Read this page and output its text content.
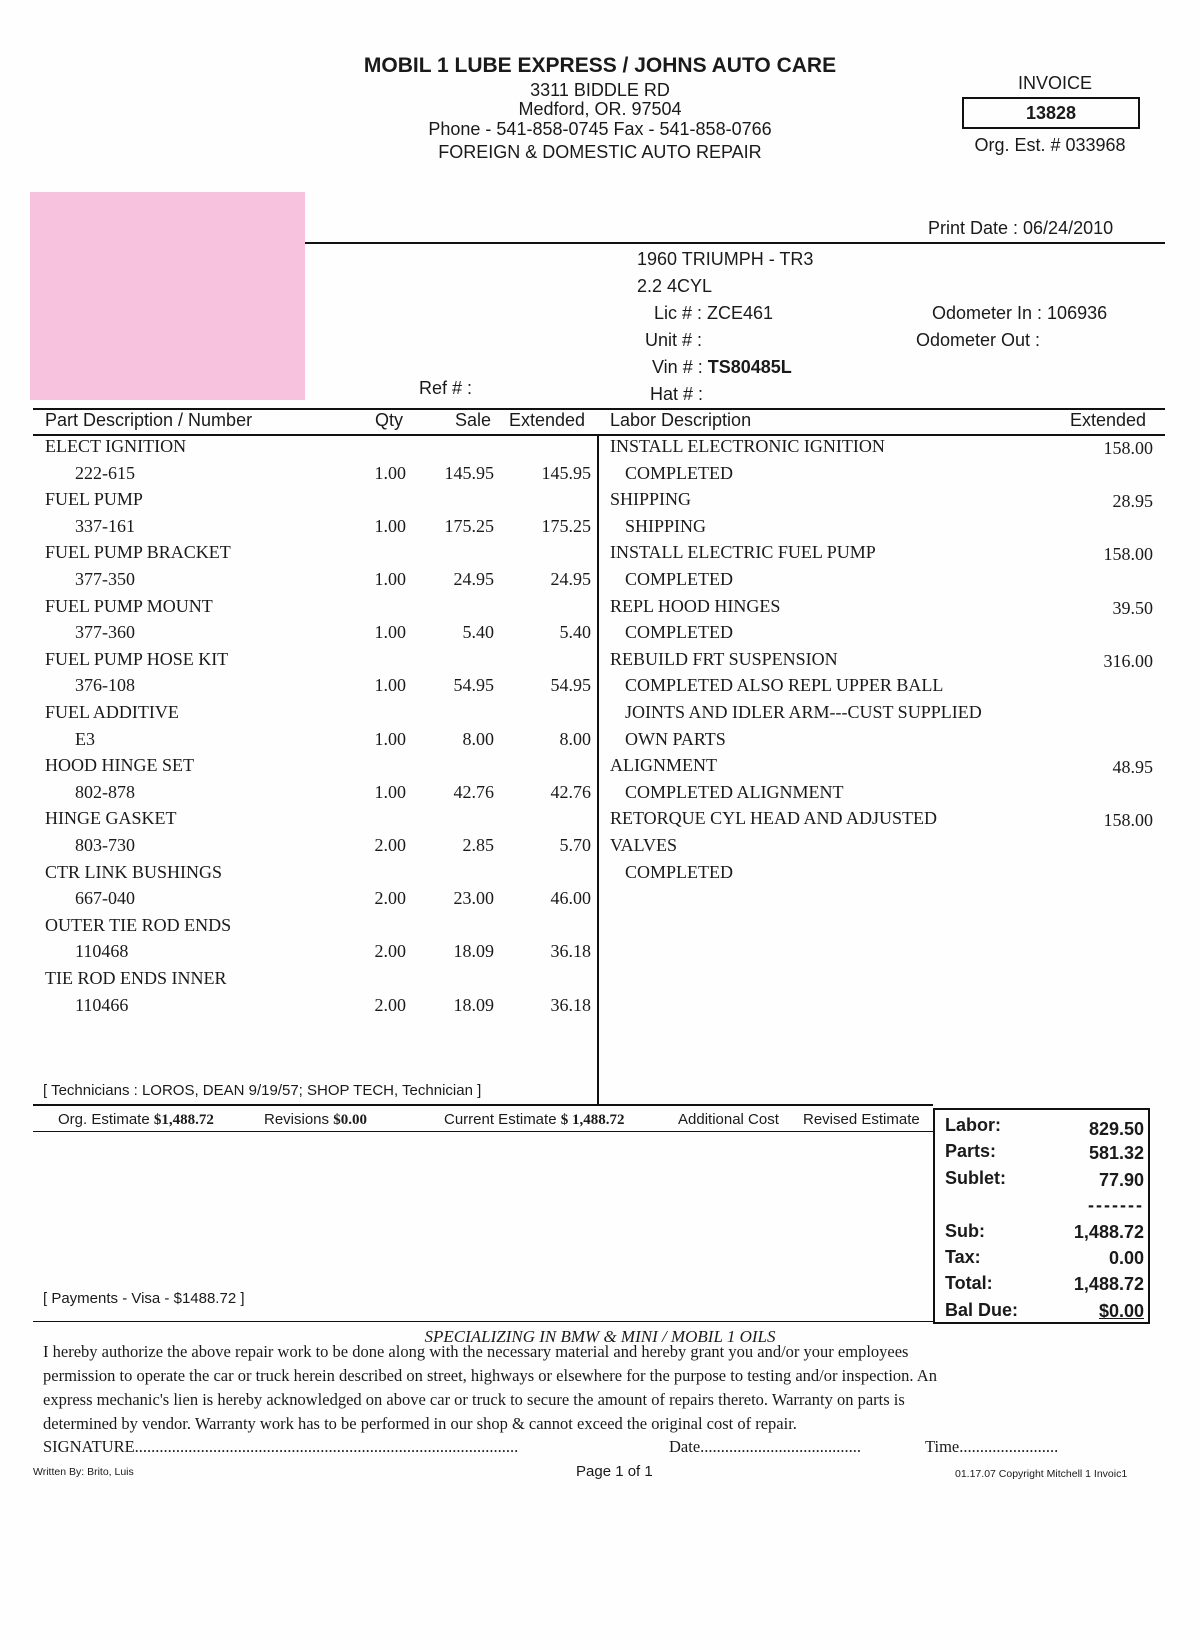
MOBIL 1 LUBE EXPRESS / JOHNS AUTO CARE
3311 BIDDLE RD
Medford, OR. 97504
Phone - 541-858-0745 Fax - 541-858-0766
FOREIGN & DOMESTIC AUTO REPAIR
INVOICE
13828
Org. Est. # 033968
Print Date : 06/24/2010
1960 TRIUMPH - TR3
2.2 4CYL
Lic # : ZCE461
Unit # :
Vin # : TS80485L
Hat # :
Ref # :
Odometer In : 106936
Odometer Out :
Part Description / Number	Qty	Sale Extended Labor Description	Extended
ELECT IGNITION
222-615	1.00	145.95	145.95
FUEL PUMP
337-161	1.00	175.25	175.25
FUEL PUMP BRACKET
377-350	1.00	24.95	24.95
FUEL PUMP MOUNT
377-360	1.00	5.40	5.40
FUEL PUMP HOSE KIT
376-108	1.00	54.95	54.95
FUEL ADDITIVE
E3	1.00	8.00	8.00
HOOD HINGE SET
802-878	1.00	42.76	42.76
HINGE GASKET
803-730	2.00	2.85	5.70
CTR LINK BUSHINGS
667-040	2.00	23.00	46.00
OUTER TIE ROD ENDS
110468	2.00	18.09	36.18
TIE ROD ENDS INNER
110466	2.00	18.09	36.18
INSTALL ELECTRONIC IGNITION	158.00
COMPLETED
SHIPPING	28.95
SHIPPING
INSTALL ELECTRIC FUEL PUMP	158.00
COMPLETED
REPL HOOD HINGES	39.50
COMPLETED
REBUILD FRT SUSPENSION	316.00
COMPLETED ALSO REPL UPPER BALL
JOINTS AND IDLER ARM---CUST SUPPLIED
OWN PARTS
ALIGNMENT	48.95
COMPLETED ALIGNMENT
RETORQUE CYL HEAD AND ADJUSTED	158.00
VALVES
COMPLETED
[ Technicians : LOROS, DEAN 9/19/57; SHOP TECH, Technician ]
Org. Estimate $1,488.72	Revisions $0.00	Current Estimate $ 1,488.72	Additional Cost Revised Estimate
[ Payments - Visa - $1488.72 ]
Labor:	829.50
Parts:	581.32
Sublet:	77.90
-------
Sub:	1,488.72
Tax:	0.00
Total:	1,488.72
Bal Due:	$0.00
SPECIALIZING IN BMW & MINI / MOBIL 1 OILS
I hereby authorize the above repair work to be done along with the necessary material and hereby grant you and/or your employees
permission to operate the car or truck herein described on street, highways or elsewhere for the purpose to testing and/or inspection. An
express mechanic's lien is hereby acknowledged on above car or truck to secure the amount of repairs thereto. Warranty on parts is
determined by vendor. Warranty work has to be performed in our shop & cannot exceed the original cost of repair.
SIGNATURE.............................................................................................	Date.......................................	Time........................
Written By: Brito, Luis	Page 1 of 1	01.17.07 Copyright Mitchell 1 Invoic1
